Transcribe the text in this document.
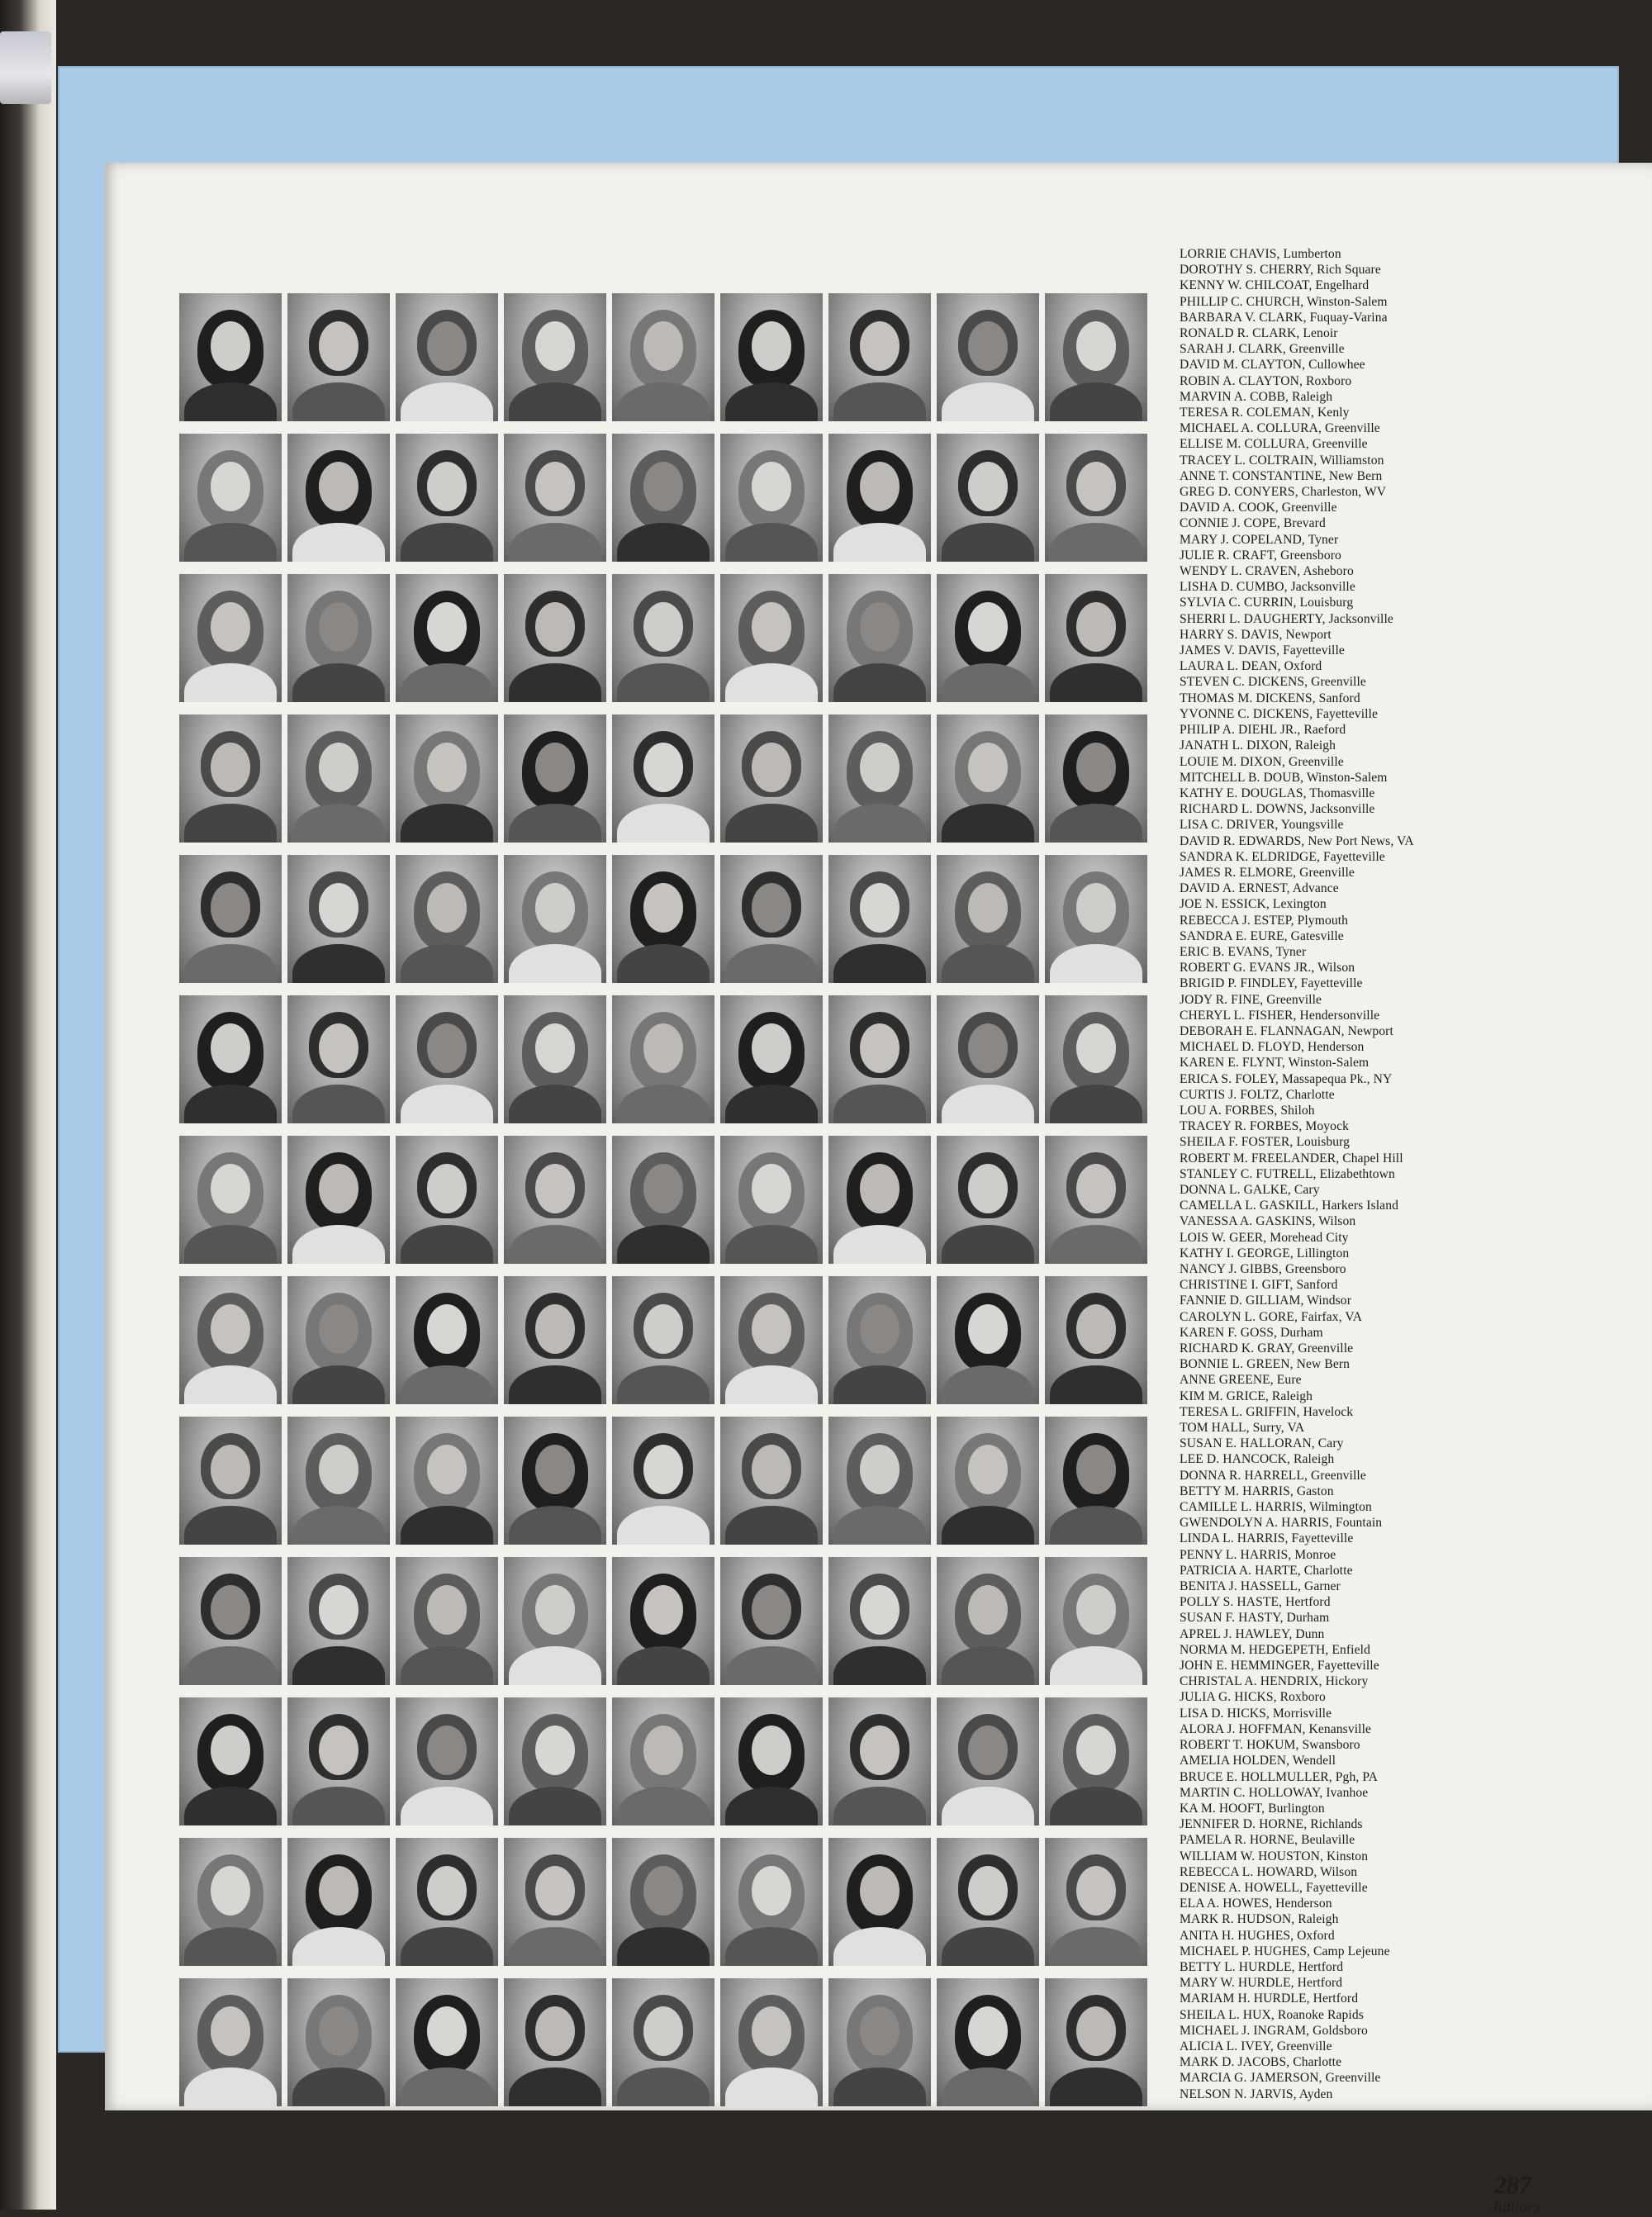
LORRIE CHAVIS, Lumberton
DOROTHY S. CHERRY, Rich Square
KENNY W. CHILCOAT, Engelhard
PHILLIP C. CHURCH, Winston-Salem
BARBARA V. CLARK, Fuquay-Varina
RONALD R. CLARK, Lenoir
SARAH J. CLARK, Greenville
DAVID M. CLAYTON, Cullowhee
ROBIN A. CLAYTON, Roxboro
MARVIN A. COBB, Raleigh
TERESA R. COLEMAN, Kenly
MICHAEL A. COLLURA, Greenville
ELLISE M. COLLURA, Greenville
TRACEY L. COLTRAIN, Williamston
ANNE T. CONSTANTINE, New Bern
GREG D. CONYERS, Charleston, WV
DAVID A. COOK, Greenville
CONNIE J. COPE, Brevard
MARY J. COPELAND, Tyner
JULIE R. CRAFT, Greensboro
WENDY L. CRAVEN, Asheboro
LISHA D. CUMBO, Jacksonville
SYLVIA C. CURRIN, Louisburg
SHERRI L. DAUGHERTY, Jacksonville
HARRY S. DAVIS, Newport
JAMES V. DAVIS, Fayetteville
LAURA L. DEAN, Oxford
STEVEN C. DICKENS, Greenville
THOMAS M. DICKENS, Sanford
YVONNE C. DICKENS, Fayetteville
PHILIP A. DIEHL JR., Raeford
JANATH L. DIXON, Raleigh
LOUIE M. DIXON, Greenville
MITCHELL B. DOUB, Winston-Salem
KATHY E. DOUGLAS, Thomasville
RICHARD L. DOWNS, Jacksonville
LISA C. DRIVER, Youngsville
DAVID R. EDWARDS, New Port News, VA
SANDRA K. ELDRIDGE, Fayetteville
JAMES R. ELMORE, Greenville
DAVID A. ERNEST, Advance
JOE N. ESSICK, Lexington
REBECCA J. ESTEP, Plymouth
SANDRA E. EURE, Gatesville
ERIC B. EVANS, Tyner
ROBERT G. EVANS JR., Wilson
BRIGID P. FINDLEY, Fayetteville
JODY R. FINE, Greenville
CHERYL L. FISHER, Hendersonville
DEBORAH E. FLANNAGAN, Newport
MICHAEL D. FLOYD, Henderson
KAREN E. FLYNT, Winston-Salem
ERICA S. FOLEY, Massapequa Pk., NY
CURTIS J. FOLTZ, Charlotte
LOU A. FORBES, Shiloh
TRACEY R. FORBES, Moyock
SHEILA F. FOSTER, Louisburg
ROBERT M. FREELANDER, Chapel Hill
STANLEY C. FUTRELL, Elizabethtown
DONNA L. GALKE, Cary
CAMELLA L. GASKILL, Harkers Island
VANESSA A. GASKINS, Wilson
LOIS W. GEER, Morehead City
KATHY I. GEORGE, Lillington
NANCY J. GIBBS, Greensboro
CHRISTINE I. GIFT, Sanford
FANNIE D. GILLIAM, Windsor
CAROLYN L. GORE, Fairfax, VA
KAREN F. GOSS, Durham
RICHARD K. GRAY, Greenville
BONNIE L. GREEN, New Bern
ANNE GREENE, Eure
KIM M. GRICE, Raleigh
TERESA L. GRIFFIN, Havelock
TOM HALL, Surry, VA
SUSAN E. HALLORAN, Cary
LEE D. HANCOCK, Raleigh
DONNA R. HARRELL, Greenville
BETTY M. HARRIS, Gaston
CAMILLE L. HARRIS, Wilmington
GWENDOLYN A. HARRIS, Fountain
LINDA L. HARRIS, Fayetteville
PENNY L. HARRIS, Monroe
PATRICIA A. HARTE, Charlotte
BENITA J. HASSELL, Garner
POLLY S. HASTE, Hertford
SUSAN F. HASTY, Durham
APREL J. HAWLEY, Dunn
NORMA M. HEDGEPETH, Enfield
JOHN E. HEMMINGER, Fayetteville
CHRISTAL A. HENDRIX, Hickory
JULIA G. HICKS, Roxboro
LISA D. HICKS, Morrisville
ALORA J. HOFFMAN, Kenansville
ROBERT T. HOKUM, Swansboro
AMELIA HOLDEN, Wendell
BRUCE E. HOLLMULLER, Pgh, PA
MARTIN C. HOLLOWAY, Ivanhoe
KA M. HOOFT, Burlington
JENNIFER D. HORNE, Richlands
PAMELA R. HORNE, Beulaville
WILLIAM W. HOUSTON, Kinston
REBECCA L. HOWARD, Wilson
DENISE A. HOWELL, Fayetteville
ELA A. HOWES, Henderson
MARK R. HUDSON, Raleigh
ANITA H. HUGHES, Oxford
MICHAEL P. HUGHES, Camp Lejeune
BETTY L. HURDLE, Hertford
MARY W. HURDLE, Hertford
MARIAM H. HURDLE, Hertford
SHEILA L. HUX, Roanoke Rapids
MICHAEL J. INGRAM, Goldsboro
ALICIA L. IVEY, Greenville
MARK D. JACOBS, Charlotte
MARCIA G. JAMERSON, Greenville
NELSON N. JARVIS, Ayden
287
Juniors
